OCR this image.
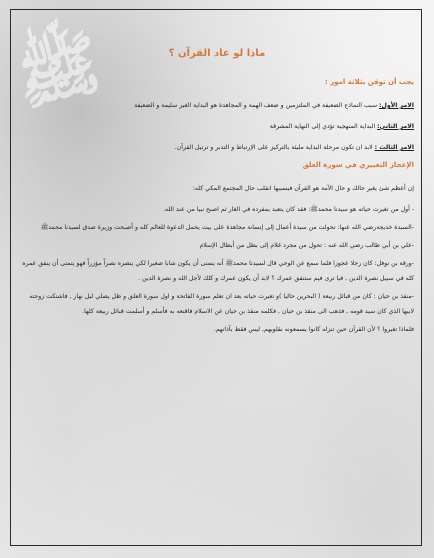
ﷺ	ماذا لو عاد القرآن ؟
يجب أن توقن بثلاثة امور :
الامر الأول: سبب النماذج الضعيفة في الملتزمين و ضعف الهمة و المجاهدة هو البداية الغير سليمة و الضعيفة
الامر الثاني: البداية المنهجية تؤدي إلى النهاية المشرقة
الامر الثالث : لابد ان تكون مرحلة البداية مليئة بالتركيز على الإرتباط و التدبر و ترتيل القرآن.
الإعجاز التغييري في سورة العلق
إن أعظم شئ يغير حالك و حال الأمة هو القرآن فبسببها انقلب حال المجتمع المكي كله:
- أول من تغيرت حياته هو سيدنا محمدﷺ: فقد كان يتعبد بمفرده في الغار ثم اصبح نبيا من عند الله.
-السيدة خديجةرضي الله عنها: تحولت من سيدة أعمال إلى إنسانة مجاهدة على بيت يحمل الدعوة للعالم كله و أصبحت وزيرة صدق لسيدنا محمدﷺ
-علي بن أبي طالب رضي الله عنه : تحول من مجرد غلام إلى بطل من أبطال الإسلام
-ورقة بن نوفل: كان رجلا عجوزا فلما سمع عن الوحي قال لسيدنا محمدﷺ أنه يتمنى أن يكون شابا صغيرا لكي ينصره نصراً مؤزراً فهو يتمنى أن ينفق عمره كله في سبيل نصرة الدين , فيا ترى فيم ستنفق عمرك ؟ لابد أن يكون عمرك و كلك لأجل الله و نصرة الدين .
-منقذ بن حيان : كان من قبائل ربيعة ( البحرين حاليا )و تغيرت حياته بعد ان تعلم سورة الفاتحة و اول سورة العلق و ظل يصلي ليل نهار , فاشتكت زوجته لابيها الذي كان سيد قومه , فذهب الى منقذ بن حيان , فكلمه منقذ بن حيان عن الاسلام فاقنعه به فأسلم و أسلمت قبائل ربيعة كلها.
فلماذا تغيروا ؟ لأن القرآن حين تنزله كانوا يسمعونه بقلوبهم, ليس فقط بآذانهم.
